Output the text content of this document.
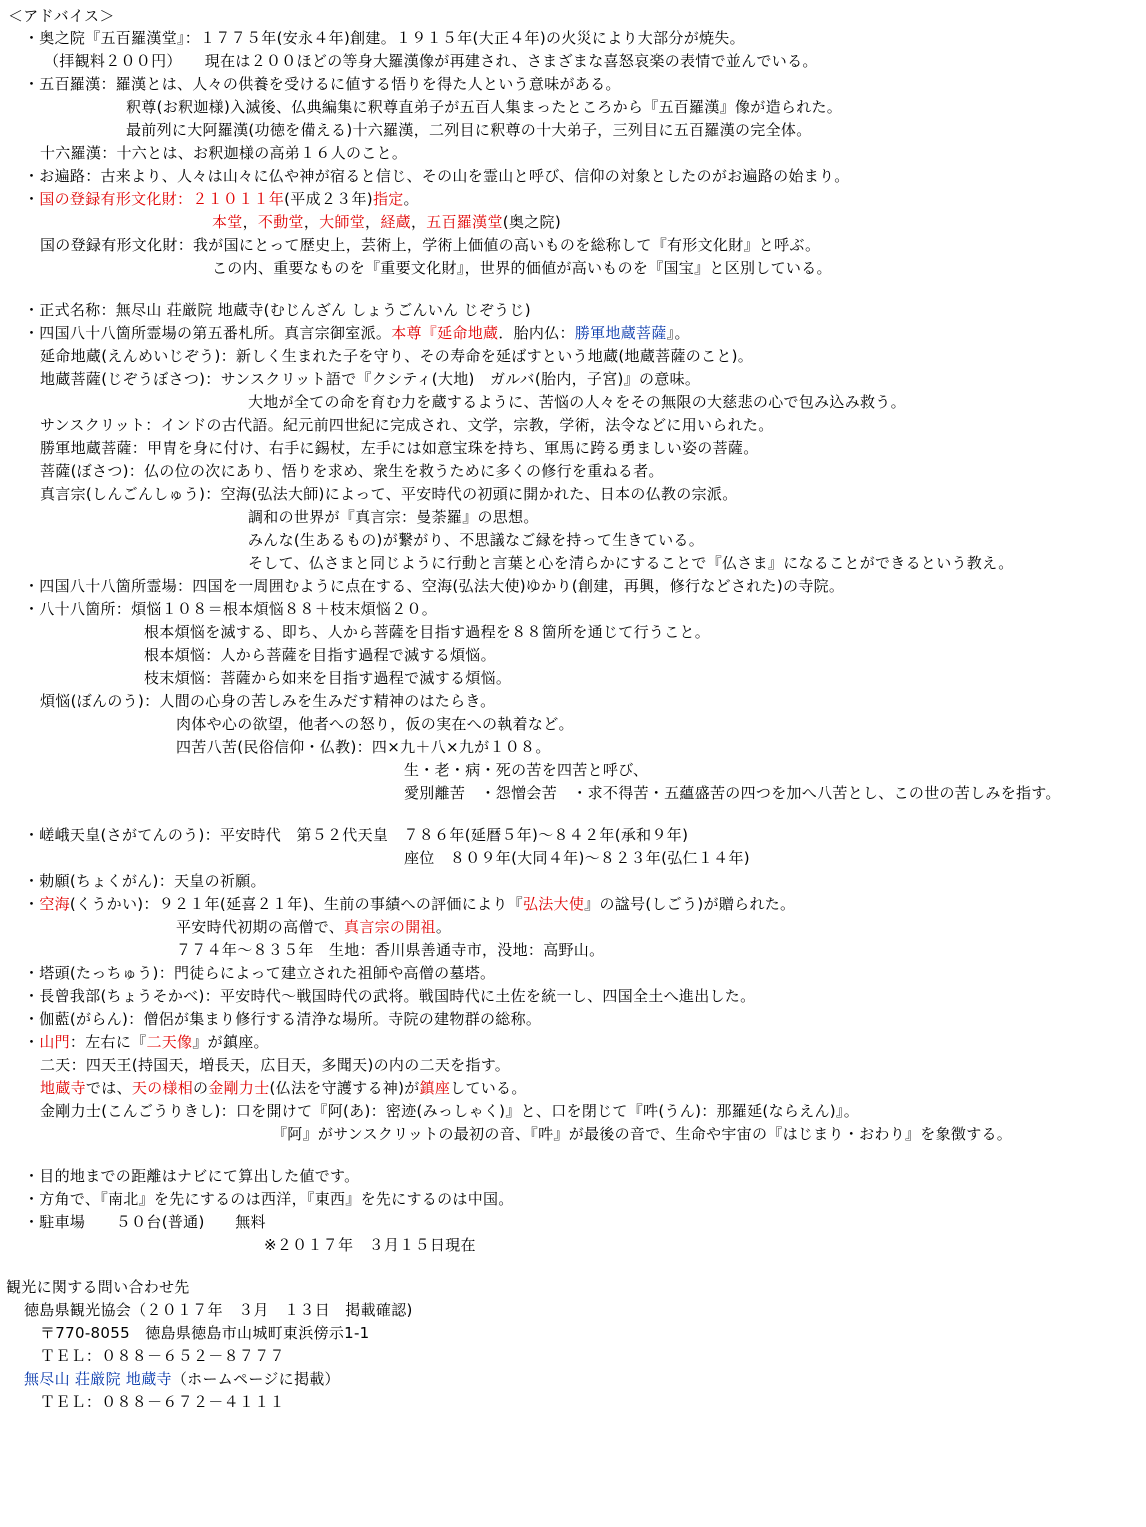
＜アドバイス＞
・奥之院『五百羅漢堂』：１７７５年(安永４年)創建。１９１５年(大正４年)の火災により大部分が焼失。
（拝観料２００円）　　現在は２００ほどの等身大羅漢像が再建され、さまざまな喜怒哀楽の表情で並んでいる。
・五百羅漢：羅漢とは、人々の供養を受けるに値する悟りを得た人という意味がある。
釈尊(お釈迦様)入滅後、仏典編集に釈尊直弟子が五百人集まったところから『五百羅漢』像が造られた。
最前列に大阿羅漢(功徳を備える)十六羅漢，二列目に釈尊の十大弟子，三列目に五百羅漢の完全体。
十六羅漢：十六とは、お釈迦様の高弟１６人のこと。
・お遍路：古来より、人々は山々に仏や神が宿ると信じ、その山を霊山と呼び、信仰の対象としたのがお遍路の始まり。
・国の登録有形文化財：２１０１１年(平成２３年)指定。
本堂，不動堂，大師堂，経蔵，五百羅漢堂(奥之院)
国の登録有形文化財：我が国にとって歴史上，芸術上，学術上価値の高いものを総称して『有形文化財』と呼ぶ。
この内、重要なものを『重要文化財』，世界的価値が高いものを『国宝』と区別している。
・正式名称：無尽山 荘厳院 地蔵寺(むじんざん しょうごんいん じぞうじ)
・四国八十八箇所霊場の第五番札所。真言宗御室派。本尊『延命地蔵．胎内仏：勝軍地蔵菩薩』。
延命地蔵(えんめいじぞう)：新しく生まれた子を守り、その寿命を延ばすという地蔵(地蔵菩薩のこと)。
地蔵菩薩(じぞうぼさつ)：サンスクリット語で『クシティ(大地)　ガルバ(胎内，子宮)』の意味。
大地が全ての命を育む力を蔵するように、苦悩の人々をその無限の大慈悲の心で包み込み救う。
サンスクリット：インドの古代語。紀元前四世紀に完成され、文学，宗教，学術，法令などに用いられた。
勝軍地蔵菩薩：甲冑を身に付け、右手に錫杖，左手には如意宝珠を持ち、軍馬に跨る勇ましい姿の菩薩。
菩薩(ぼさつ)：仏の位の次にあり、悟りを求め、衆生を救うために多くの修行を重ねる者。
真言宗(しんごんしゅう)：空海(弘法大師)によって、平安時代の初頭に開かれた、日本の仏教の宗派。
調和の世界が『真言宗：曼荼羅』の思想。
みんな(生あるもの)が繋がり、不思議なご縁を持って生きている。
そして、仏さまと同じように行動と言葉と心を清らかにすることで『仏さま』になることができるという教え。
・四国八十八箇所霊場：四国を一周囲むように点在する、空海(弘法大使)ゆかり(創建，再興，修行などされた)の寺院。
・八十八箇所：煩悩１０８＝根本煩悩８８＋枝末煩悩２０。
根本煩悩を滅する、即ち、人から菩薩を目指す過程を８８箇所を通じて行うこと。
根本煩悩：人から菩薩を目指す過程で滅する煩悩。
枝末煩悩：菩薩から如来を目指す過程で滅する煩悩。
煩悩(ぼんのう)：人間の心身の苦しみを生みだす精神のはたらき。
肉体や心の欲望，他者への怒り，仮の実在への執着など。
四苦八苦(民俗信仰・仏教)：四×九＋八×九が１０８。
生・老・病・死の苦を四苦と呼び、
愛別離苦　・怨憎会苦　・求不得苦・五蘊盛苦の四つを加へ八苦とし、この世の苦しみを指す。
・嵯峨天皇(さがてんのう)：平安時代　第５２代天皇　７８６年(延暦５年)～８４２年(承和９年)
座位　８０９年(大同４年)～８２３年(弘仁１４年)
・勅願(ちょくがん)：天皇の祈願。
・空海(くうかい)：９２１年(延喜２１年)、生前の事績への評価により『弘法大使』の諡号(しごう)が贈られた。
平安時代初期の高僧で、真言宗の開祖。
７７４年～８３５年　生地：香川県善通寺市，没地：高野山。
・塔頭(たっちゅう)：門徒らによって建立された祖師や高僧の墓塔。
・長曾我部(ちょうそかべ)：平安時代～戦国時代の武将。戦国時代に土佐を統一し、四国全土へ進出した。
・伽藍(がらん)：僧侶が集まり修行する清浄な場所。寺院の建物群の総称。
・山門：左右に『二天像』が鎮座。
二天：四天王(持国天，増長天，広目天，多聞天)の内の二天を指す。
地蔵寺では、天の様相の金剛力士(仏法を守護する神)が鎮座している。
金剛力士(こんごうりきし)：口を開けて『阿(あ)：密迹(みっしゃく)』と、口を閉じて『吽(うん)：那羅延(ならえん)』。
『阿』がサンスクリットの最初の音、『吽』が最後の音で、生命や宇宙の『はじまり・おわり』を象徴する。
・目的地までの距離はナビにて算出した値です。
・方角で、『南北』を先にするのは西洋，『東西』を先にするのは中国。
・駐車場　　５０台(普通)　　無料
※２０１７年　３月１５日現在
観光に関する問い合わせ先
徳島県観光協会（２０１７年　３月　１３日　掲載確認)
〒770-8055　徳島県徳島市山城町東浜傍示1-1
ＴＥＬ：０８８－６５２－８７７７
無尽山 荘厳院 地蔵寺（ホームページに掲載）
ＴＥＬ：０８８－６７２－４１１１
